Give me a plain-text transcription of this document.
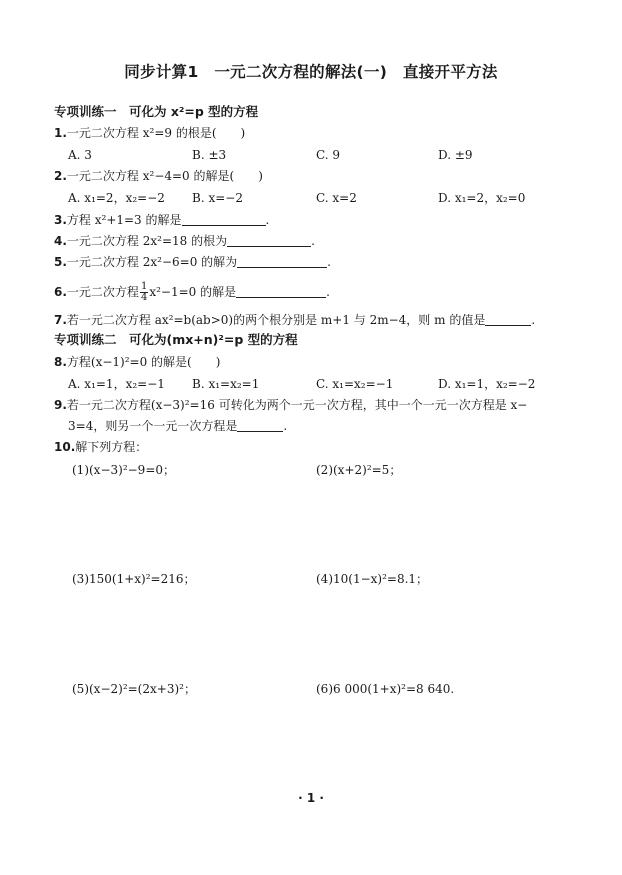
同步计算1　一元二次方程的解法(一)　直接开平方法
专项训练一　可化为 x²=p 型的方程
1.一元二次方程 x²=9 的根是(　　)
A. 3	B. ±3	C. 9	D. ±9
2.一元二次方程 x²−4=0 的解是(　　)
A. x₁=2，x₂=−2 B. x=−2	C. x=2	D. x₁=2，x₂=0
3.方程 x²+1=3 的解是	.
4.一元二次方程 2x²=18 的根为	.
5.一元二次方程 2x²−6=0 的解为	.
6.一元二次方程 $\frac{1}{4} x^2-1=0$ 的解是	.
7.若一元二次方程 ax²=b(ab>0)的两个根分别是 m+1 与 2m−4，则 m 的值是	.
专项训练二　可化为(mx+n)²=p 型的方程
8.方程(x−1)²=0 的解是(　　)
A. x₁=1，x₂=−1 B. x₁=x₂=1	C. x₁=x₂=−1	D. x₁=1，x₂=−2
9.若一元二次方程(x−3)²=16 可转化为两个一元一次方程，其中一个一元一次方程是 x−
3=4，则另一个一元一次方程是	.
10.解下列方程：
(1)(x−3)²−9=0；	(2)(x+2)²=5；
(3)150(1+x)²=216；	(4)10(1−x)²=8.1；
(5)(x−2)²=(2x+3)²；	(6)6 000(1+x)²=8 640.
· 1 ·
